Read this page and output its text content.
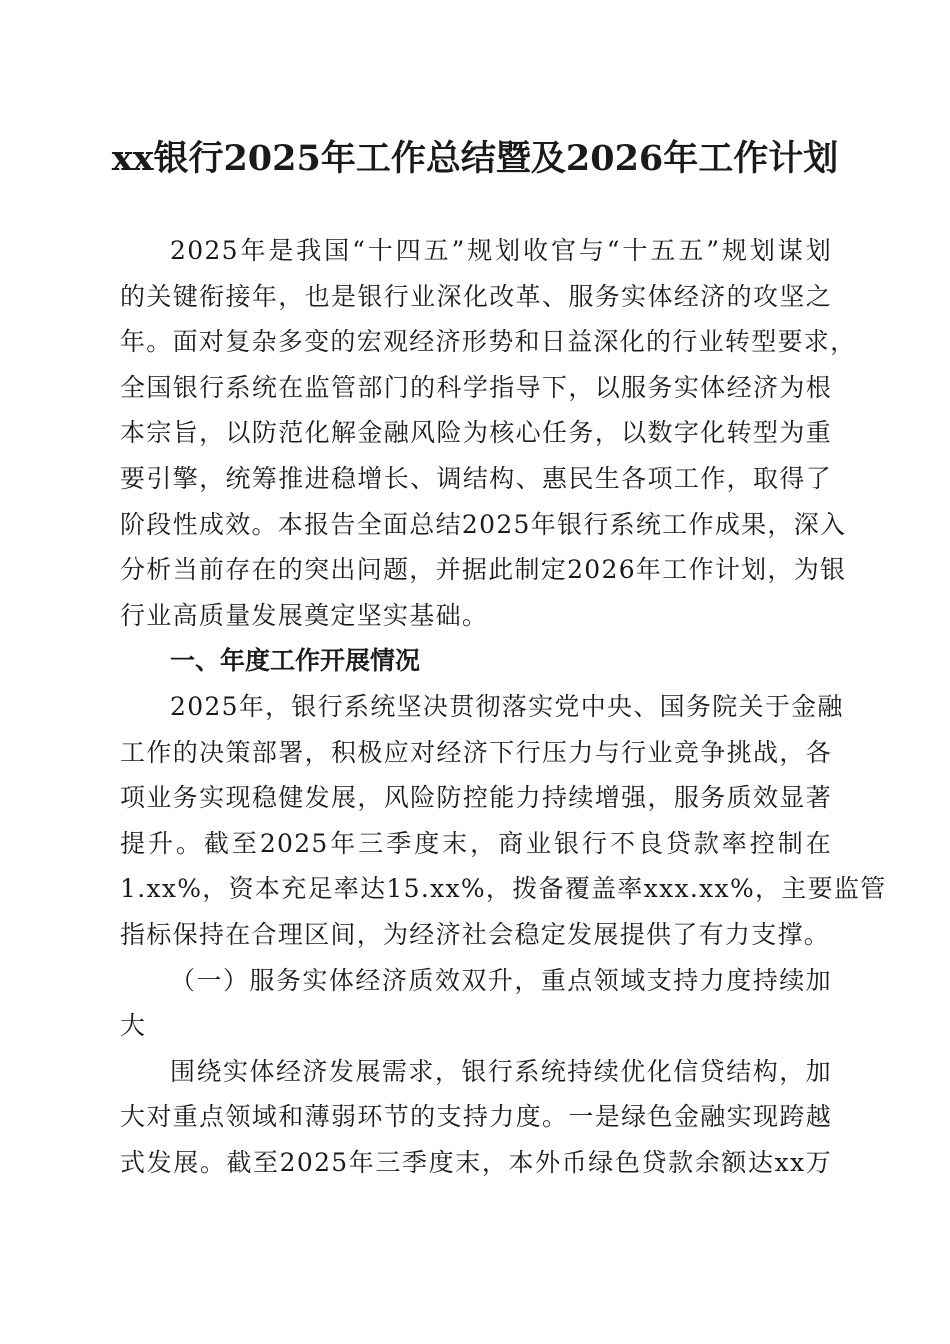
xx银行2025年工作总结暨及2026年工作计划
2025年是我国“十四五”规划收官与“十五五”规划谋划
的关键衔接年，也是银行业深化改革、服务实体经济的攻坚之
年。面对复杂多变的宏观经济形势和日益深化的行业转型要求，
全国银行系统在监管部门的科学指导下，以服务实体经济为根
本宗旨，以防范化解金融风险为核心任务，以数字化转型为重
要引擎，统筹推进稳增长、调结构、惠民生各项工作，取得了
阶段性成效。本报告全面总结2025年银行系统工作成果，深入
分析当前存在的突出问题，并据此制定2026年工作计划，为银
行业高质量发展奠定坚实基础。
一、年度工作开展情况
2025年，银行系统坚决贯彻落实党中央、国务院关于金融
工作的决策部署，积极应对经济下行压力与行业竞争挑战，各
项业务实现稳健发展，风险防控能力持续增强，服务质效显著
提升。截至2025年三季度末，商业银行不良贷款率控制在
1.xx%，资本充足率达15.xx%，拨备覆盖率xxx.xx%，主要监管
指标保持在合理区间，为经济社会稳定发展提供了有力支撑。
（一）服务实体经济质效双升，重点领域支持力度持续加
大
围绕实体经济发展需求，银行系统持续优化信贷结构，加
大对重点领域和薄弱环节的支持力度。一是绿色金融实现跨越
式发展。截至2025年三季度末，本外币绿色贷款余额达xx万
